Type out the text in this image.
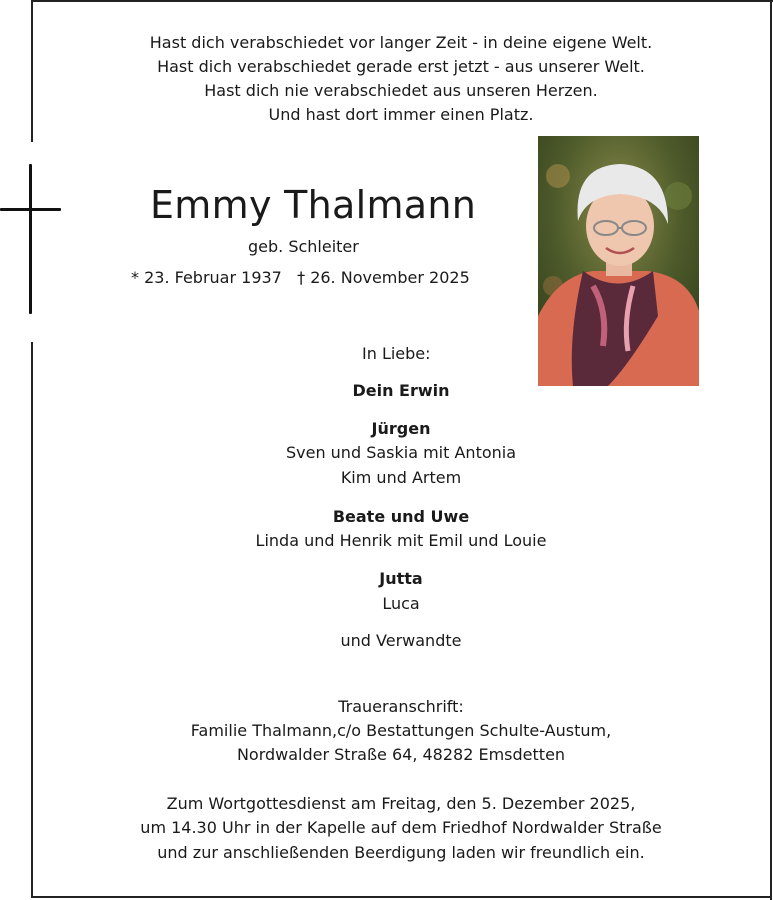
Hast dich verabschiedet vor langer Zeit - in deine eigene Welt.
Hast dich verabschiedet gerade erst jetzt - aus unserer Welt.
Hast dich nie verabschiedet aus unseren Herzen.
Und hast dort immer einen Platz.
Emmy Thalmann
geb. Schleiter
* 23. Februar 1937   † 26. November 2025
In Liebe:
Dein Erwin
Jürgen
Sven und Saskia mit Antonia
Kim und Artem
Beate und Uwe
Linda und Henrik mit Emil und Louie
Jutta
Luca
und Verwandte
Traueranschrift:
Familie Thalmann,c/o Bestattungen Schulte-Austum,
Nordwalder Straße 64, 48282 Emsdetten
Zum Wortgottesdienst am Freitag, den 5. Dezember 2025,
um 14.30 Uhr in der Kapelle auf dem Friedhof Nordwalder Straße
und zur anschließenden Beerdigung laden wir freundlich ein.
